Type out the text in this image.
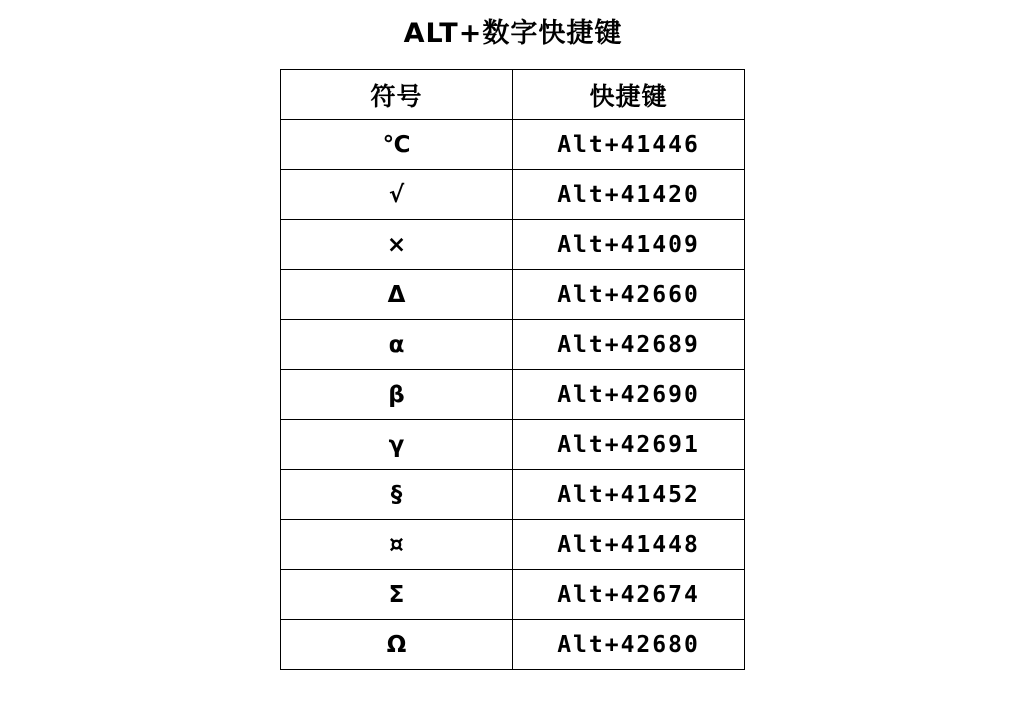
ALT+数字快捷键
符号	快捷键
℃	Alt+41446
√	Alt+41420
×	Alt+41409
Δ	Alt+42660
α	Alt+42689
β	Alt+42690
γ	Alt+42691
§	Alt+41452
¤	Alt+41448
Σ	Alt+42674
Ω	Alt+42680
